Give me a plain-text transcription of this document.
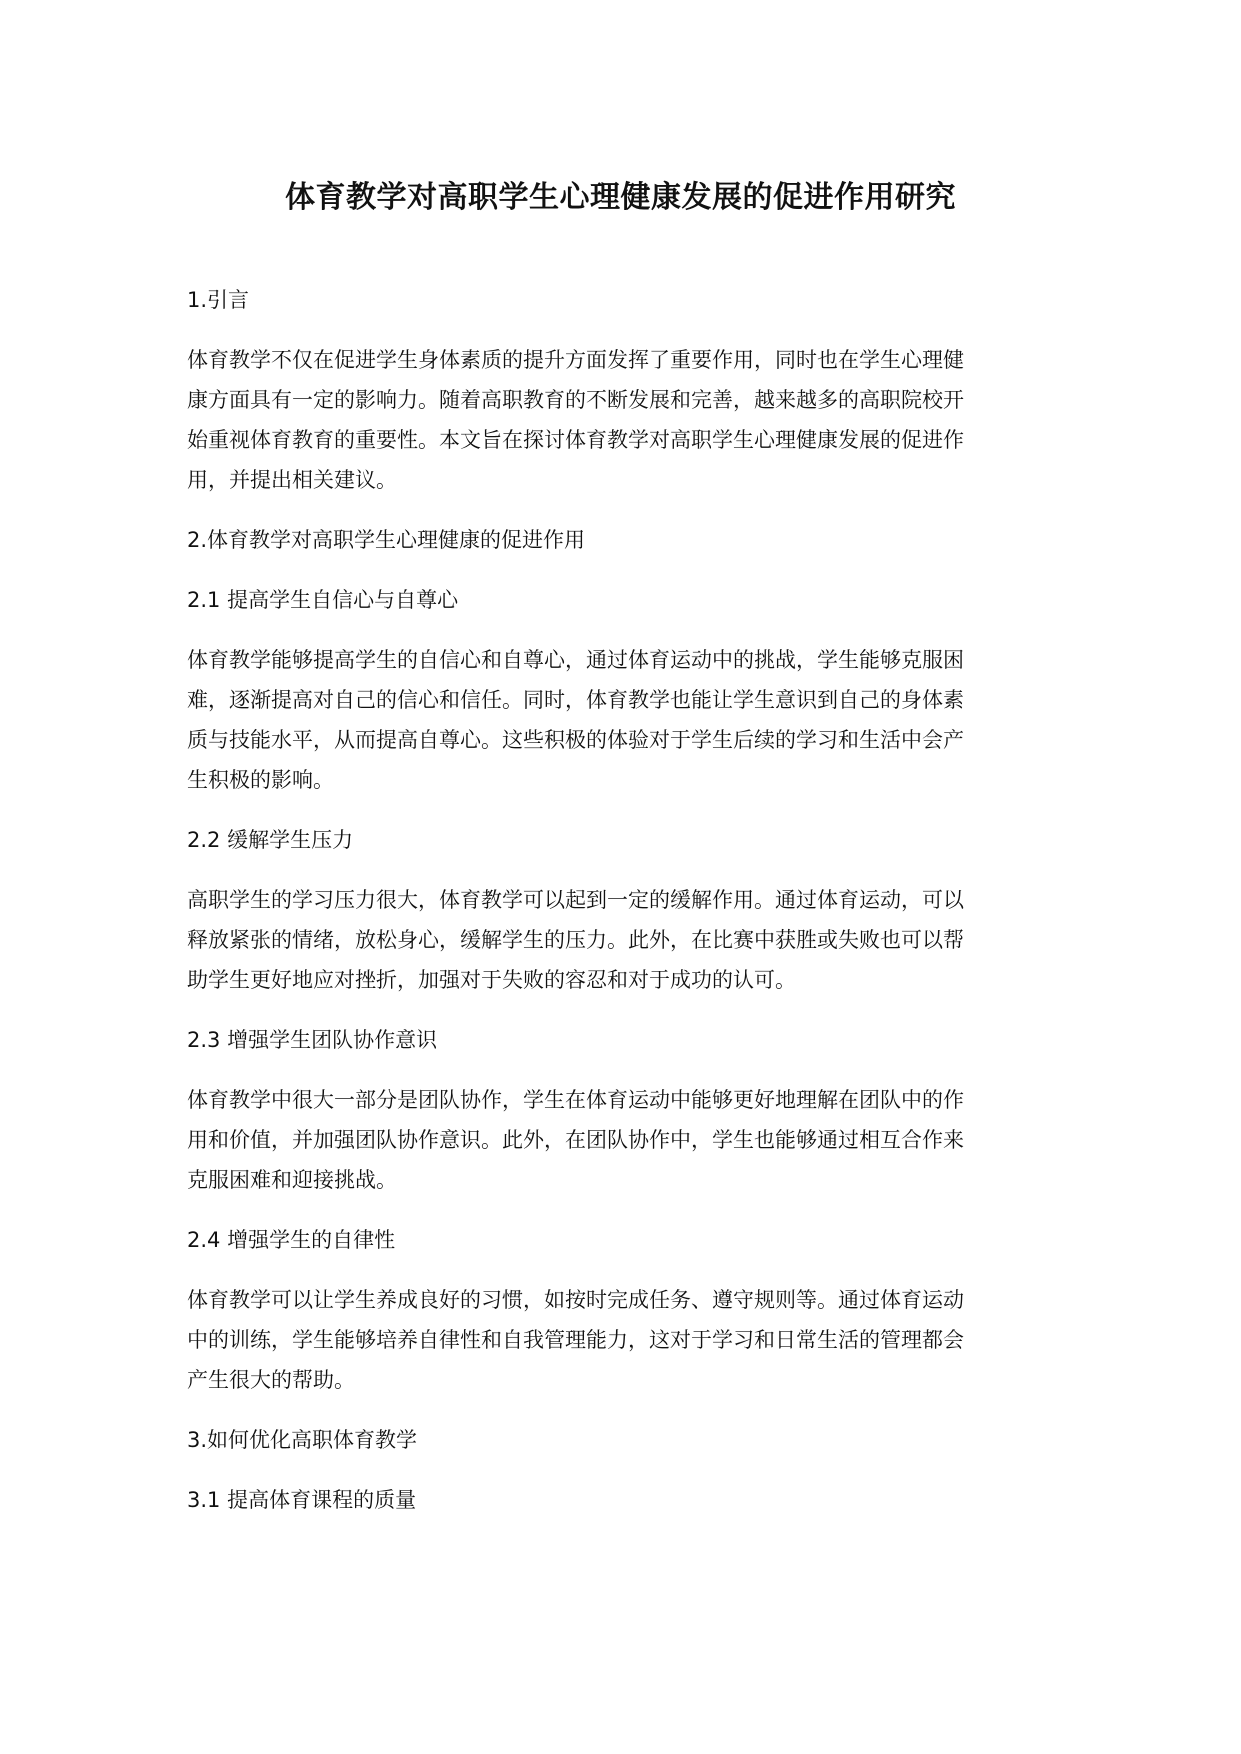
体育教学对高职学生心理健康发展的促进作用研究
1.引言
体育教学不仅在促进学生身体素质的提升方面发挥了重要作用，同时也在学生心理健
康方面具有一定的影响力。随着高职教育的不断发展和完善，越来越多的高职院校开
始重视体育教育的重要性。本文旨在探讨体育教学对高职学生心理健康发展的促进作
用，并提出相关建议。
2.体育教学对高职学生心理健康的促进作用
2.1 提高学生自信心与自尊心
体育教学能够提高学生的自信心和自尊心，通过体育运动中的挑战，学生能够克服困
难，逐渐提高对自己的信心和信任。同时，体育教学也能让学生意识到自己的身体素
质与技能水平，从而提高自尊心。这些积极的体验对于学生后续的学习和生活中会产
生积极的影响。
2.2 缓解学生压力
高职学生的学习压力很大，体育教学可以起到一定的缓解作用。通过体育运动，可以
释放紧张的情绪，放松身心，缓解学生的压力。此外，在比赛中获胜或失败也可以帮
助学生更好地应对挫折，加强对于失败的容忍和对于成功的认可。
2.3 增强学生团队协作意识
体育教学中很大一部分是团队协作，学生在体育运动中能够更好地理解在团队中的作
用和价值，并加强团队协作意识。此外，在团队协作中，学生也能够通过相互合作来
克服困难和迎接挑战。
2.4 增强学生的自律性
体育教学可以让学生养成良好的习惯，如按时完成任务、遵守规则等。通过体育运动
中的训练，学生能够培养自律性和自我管理能力，这对于学习和日常生活的管理都会
产生很大的帮助。
3.如何优化高职体育教学
3.1 提高体育课程的质量
